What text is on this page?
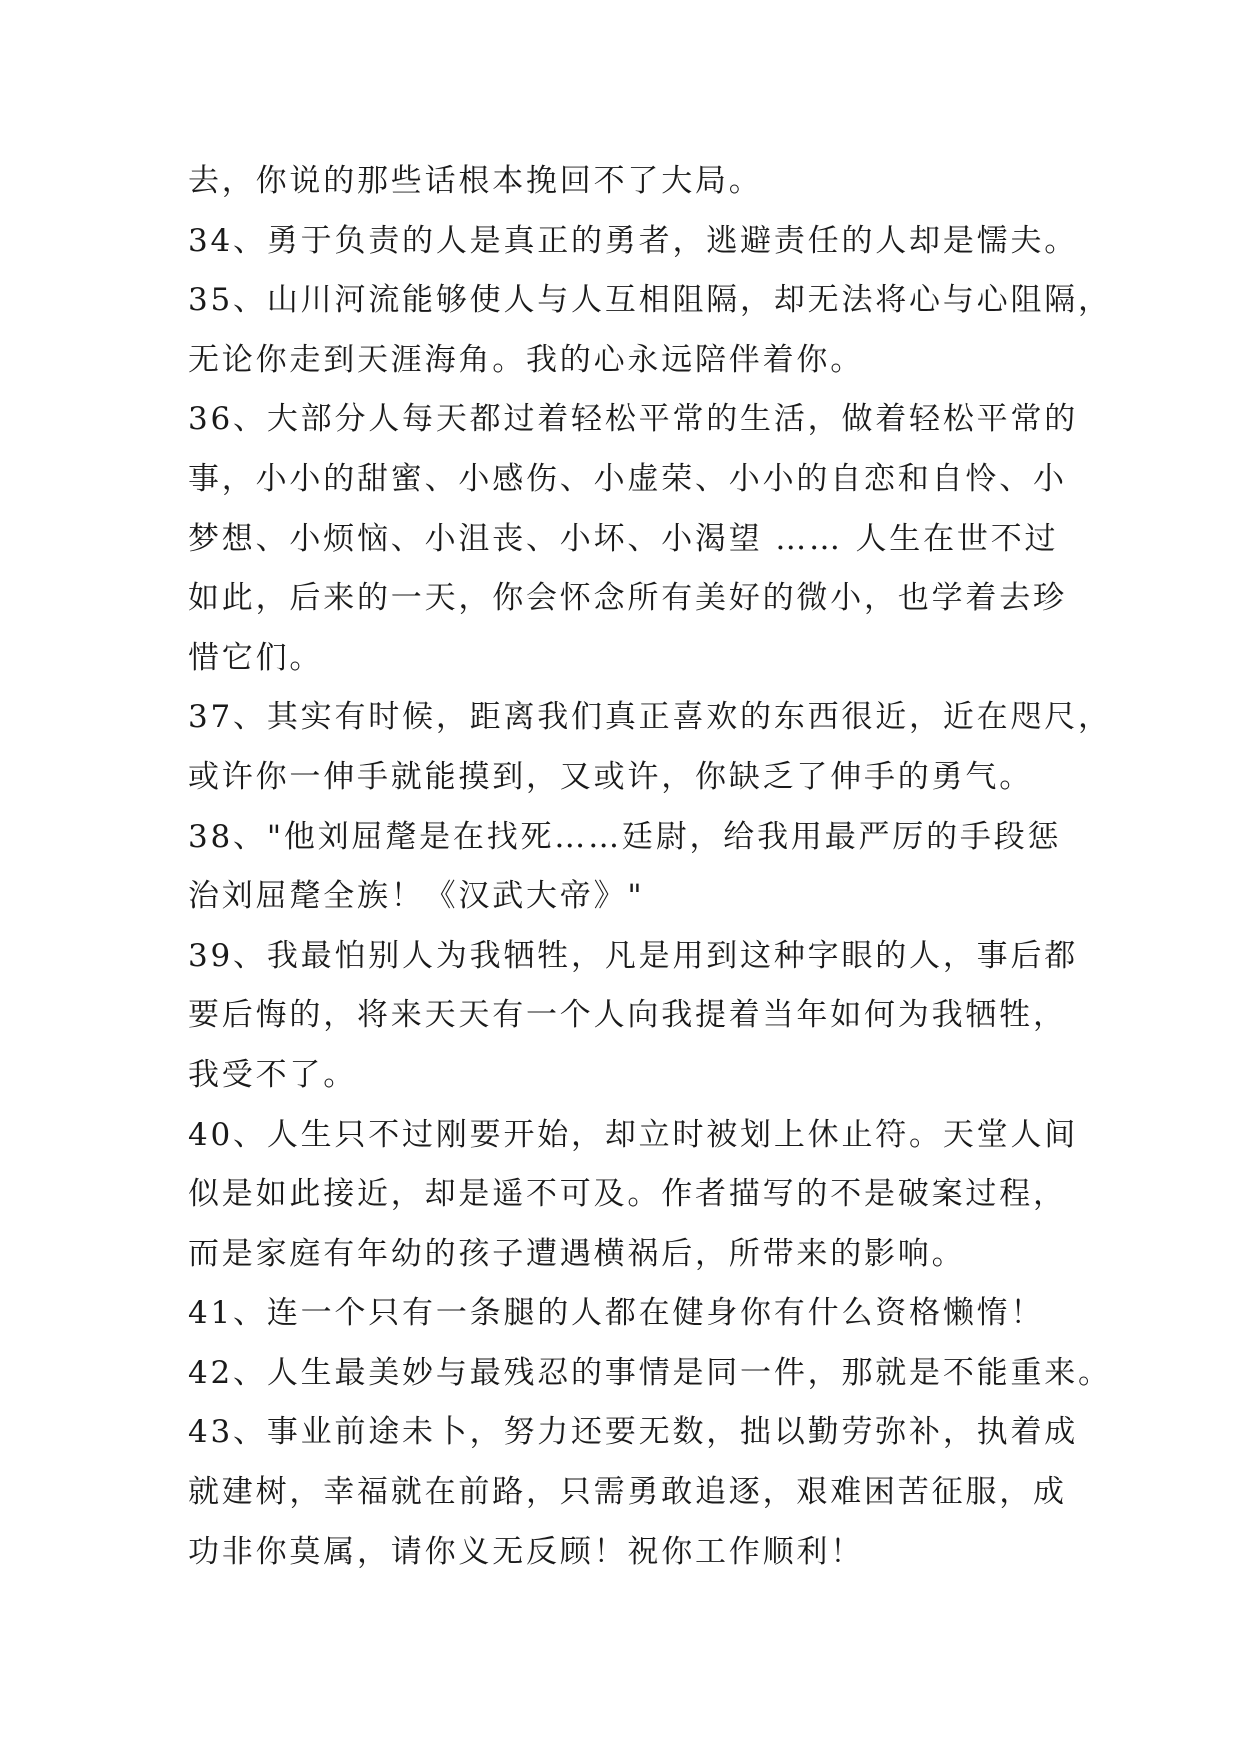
去，你说的那些话根本挽回不了大局。
34、勇于负责的人是真正的勇者，逃避责任的人却是懦夫。
35、山川河流能够使人与人互相阻隔，却无法将心与心阻隔，
无论你走到天涯海角。我的心永远陪伴着你。
36、大部分人每天都过着轻松平常的生活，做着轻松平常的
事，小小的甜蜜、小感伤、小虚荣、小小的自恋和自怜、小
梦想、小烦恼、小沮丧、小坏、小渴望 …… 人生在世不过
如此，后来的一天，你会怀念所有美好的微小，也学着去珍
惜它们。
37、其实有时候，距离我们真正喜欢的东西很近，近在咫尺，
或许你一伸手就能摸到，又或许，你缺乏了伸手的勇气。
38、"他刘屈氂是在找死……廷尉，给我用最严厉的手段惩
治刘屈氂全族！《汉武大帝》"
39、我最怕别人为我牺牲，凡是用到这种字眼的人，事后都
要后悔的，将来天天有一个人向我提着当年如何为我牺牲，
我受不了。
40、人生只不过刚要开始，却立时被划上休止符。天堂人间
似是如此接近，却是遥不可及。作者描写的不是破案过程，
而是家庭有年幼的孩子遭遇横祸后，所带来的影响。
41、连一个只有一条腿的人都在健身你有什么资格懒惰！
42、人生最美妙与最残忍的事情是同一件，那就是不能重来。
43、事业前途未卜，努力还要无数，拙以勤劳弥补，执着成
就建树，幸福就在前路，只需勇敢追逐，艰难困苦征服，成
功非你莫属，请你义无反顾！祝你工作顺利！
